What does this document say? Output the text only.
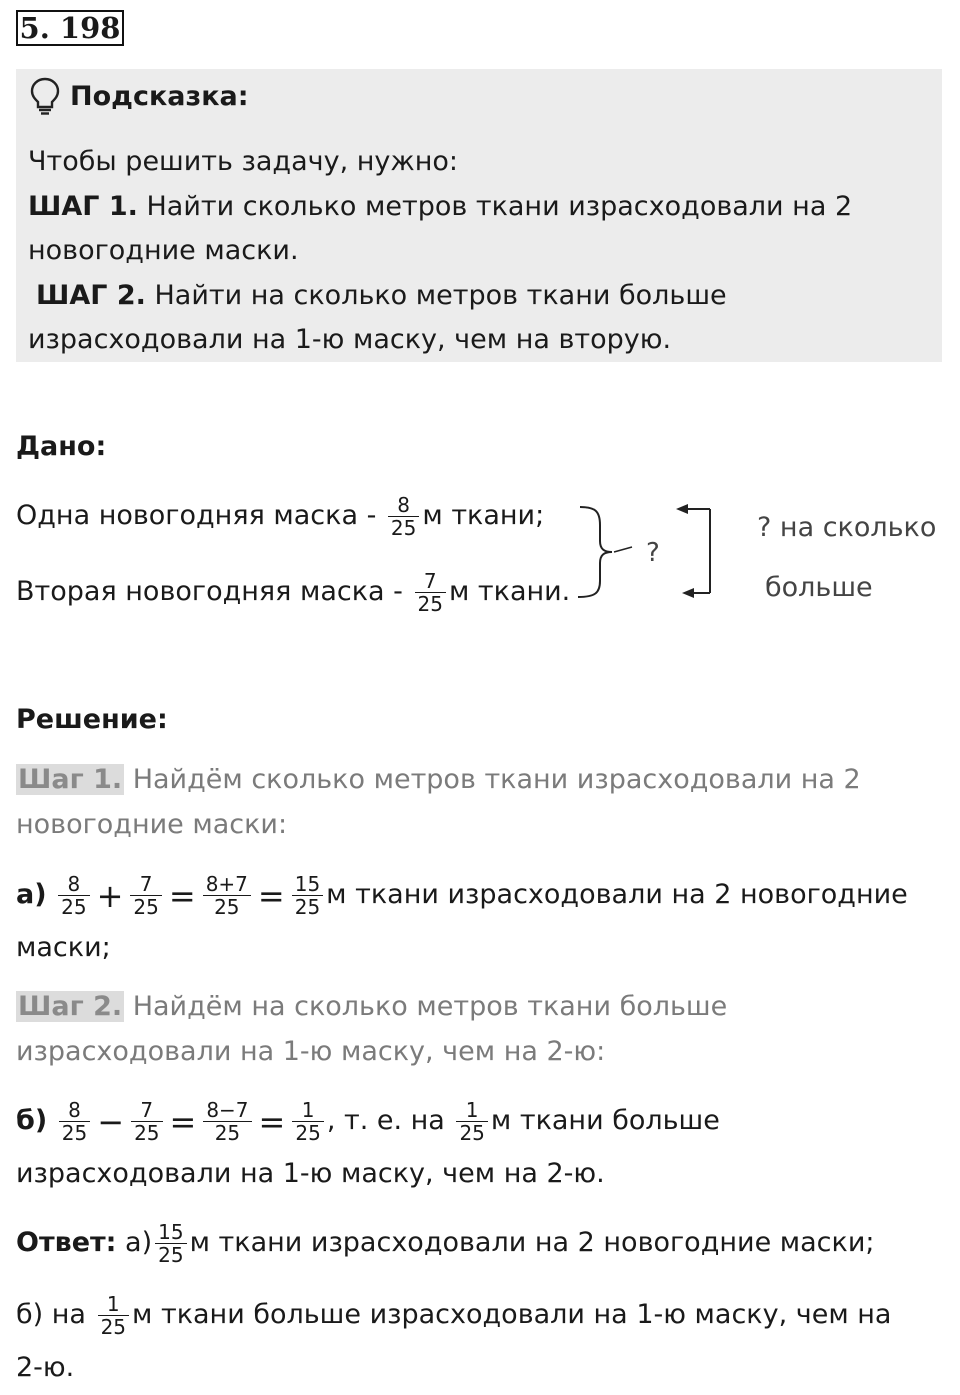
5. 198
Подсказка:
Чтобы решить задачу, нужно:
ШАГ 1. Найти сколько метров ткани израсходовали на 2
новогодние маски.
ШАГ 2. Найти на сколько метров ткани больше
израсходовали на 1-ю маску, чем на вторую.
Дано:
Одна новогодняя маска - $\frac{8}{25}$ м ткани;
Вторая новогодняя маска - $\frac{7}{25}$ м ткани.
?
? на сколько
больше
Решение:
Шаг 1. Найдём сколько метров ткани израсходовали на 2
новогодние маски:
$а) \frac{8}{25} + \frac{7}{25} = \frac{8+7}{25} = \frac{15}{25}$ м ткани израсходовали на 2 новогодние
маски;
Шаг 2. Найдём на сколько метров ткани больше
израсходовали на 1-ю маску, чем на 2-ю:
$б) \frac{8}{25} - \frac{7}{25} = \frac{8-7}{25} = \frac{1}{25}$ , т. е. на $\frac{1}{25}$ м ткани больше
израсходовали на 1-ю маску, чем на 2-ю.
Ответ: $а) \frac{15}{25}$ м ткани израсходовали на 2 новогодние маски;
б) на $\frac{1}{25}$ м ткани больше израсходовали на 1-ю маску, чем на
2-ю.
